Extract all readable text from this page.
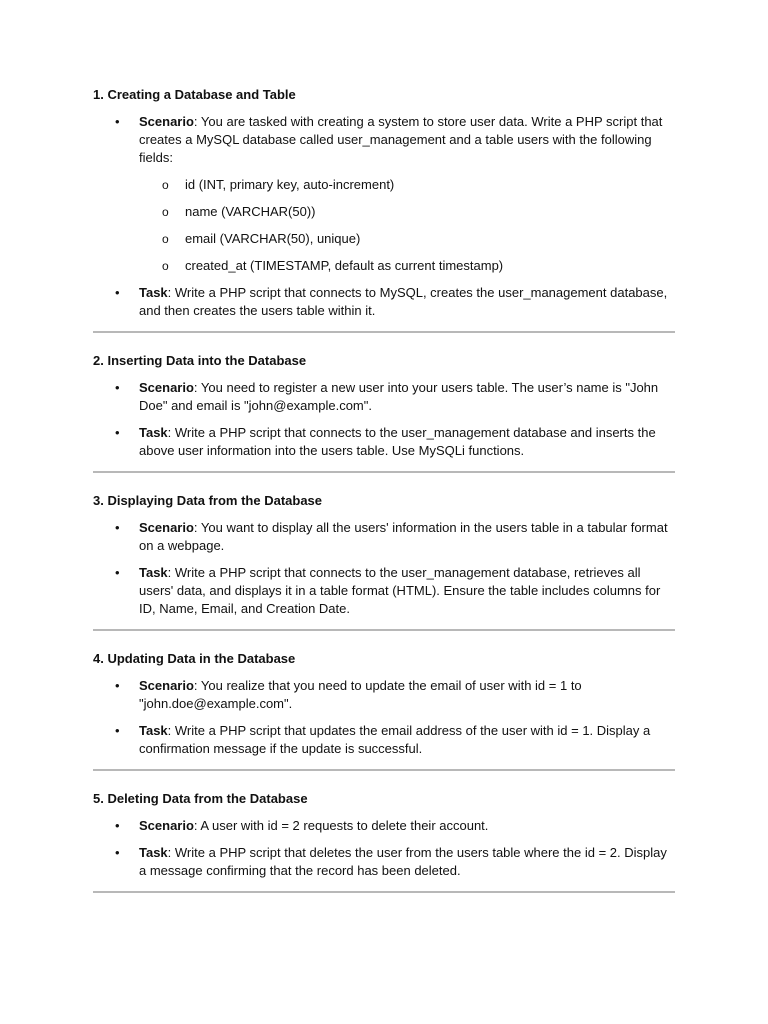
1. Creating a Database and Table

• Scenario: You are tasked with creating a system to store user data. Write a PHP script that creates a MySQL database called user_management and a table users with the following fields:
o id (INT, primary key, auto-increment)
o name (VARCHAR(50))
o email (VARCHAR(50), unique)
o created_at (TIMESTAMP, default as current timestamp)
• Task: Write a PHP script that connects to MySQL, creates the user_management database, and then creates the users table within it.

2. Inserting Data into the Database

• Scenario: You need to register a new user into your users table. The user’s name is "John Doe" and email is "john@example.com".
• Task: Write a PHP script that connects to the user_management database and inserts the above user information into the users table. Use MySQLi functions.

3. Displaying Data from the Database

• Scenario: You want to display all the users' information in the users table in a tabular format on a webpage.
• Task: Write a PHP script that connects to the user_management database, retrieves all users' data, and displays it in a table format (HTML). Ensure the table includes columns for ID, Name, Email, and Creation Date.

4. Updating Data in the Database

• Scenario: You realize that you need to update the email of user with id = 1 to "john.doe@example.com".
• Task: Write a PHP script that updates the email address of the user with id = 1. Display a confirmation message if the update is successful.

5. Deleting Data from the Database

• Scenario: A user with id = 2 requests to delete their account.
• Task: Write a PHP script that deletes the user from the users table where the id = 2. Display a message confirming that the record has been deleted.
